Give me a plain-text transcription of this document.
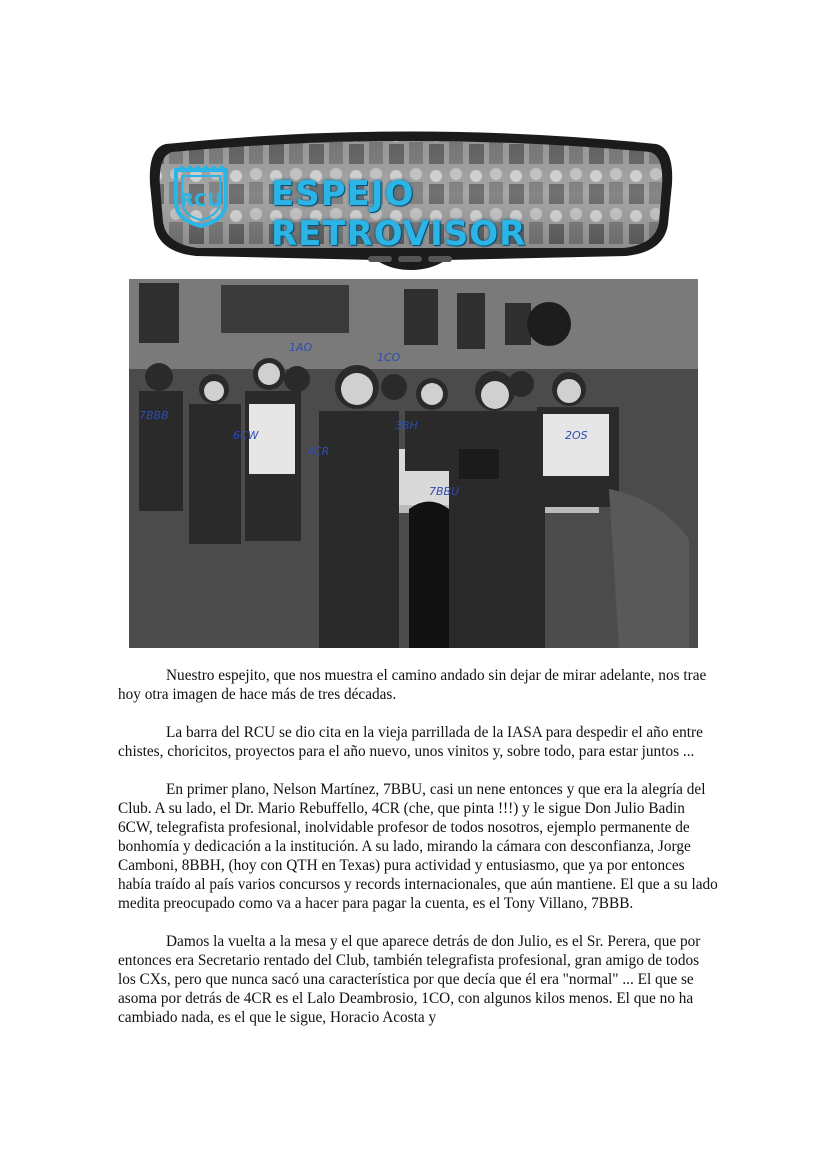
RCU ESPEJO RETROVISOR
7BBB
6CW
1AO
1CO
4CR
3BH
7BBU
2OS

Nuestro espejito, que nos muestra el camino andado sin dejar de mirar adelante, nos trae hoy otra imagen de hace más de tres décadas.

La barra del RCU se dio cita en la vieja parrillada de la IASA para despedir el año entre chistes, choricitos, proyectos para el año nuevo, unos vinitos y, sobre todo, para estar juntos ...

En primer plano, Nelson Martínez, 7BBU, casi un nene entonces y que era la alegría del Club. A su lado, el Dr. Mario Rebuffello, 4CR (che, que pinta !!!) y le sigue Don Julio Badin 6CW, telegrafista profesional, inolvidable profesor de todos nosotros, ejemplo permanente de bonhomía y dedicación a la institución. A su lado, mirando la cámara con desconfianza, Jorge Camboni, 8BBH, (hoy con QTH en Texas) pura actividad y entusiasmo, que ya por entonces había traído al país varios concursos y records internacionales, que aún mantiene. El que a su lado medita preocupado como va a hacer para pagar la cuenta, es el Tony Villano, 7BBB.

Damos la vuelta a la mesa y el que aparece detrás de don Julio, es el Sr. Perera, que por entonces era Secretario rentado del Club, también telegrafista profesional, gran amigo de todos los CXs, pero que nunca sacó una característica por que decía que él era "normal" ... El que se asoma por detrás de 4CR es el Lalo Deambrosio, 1CO, con algunos kilos menos. El que no ha cambiado nada, es el que le sigue, Horacio Acosta y
